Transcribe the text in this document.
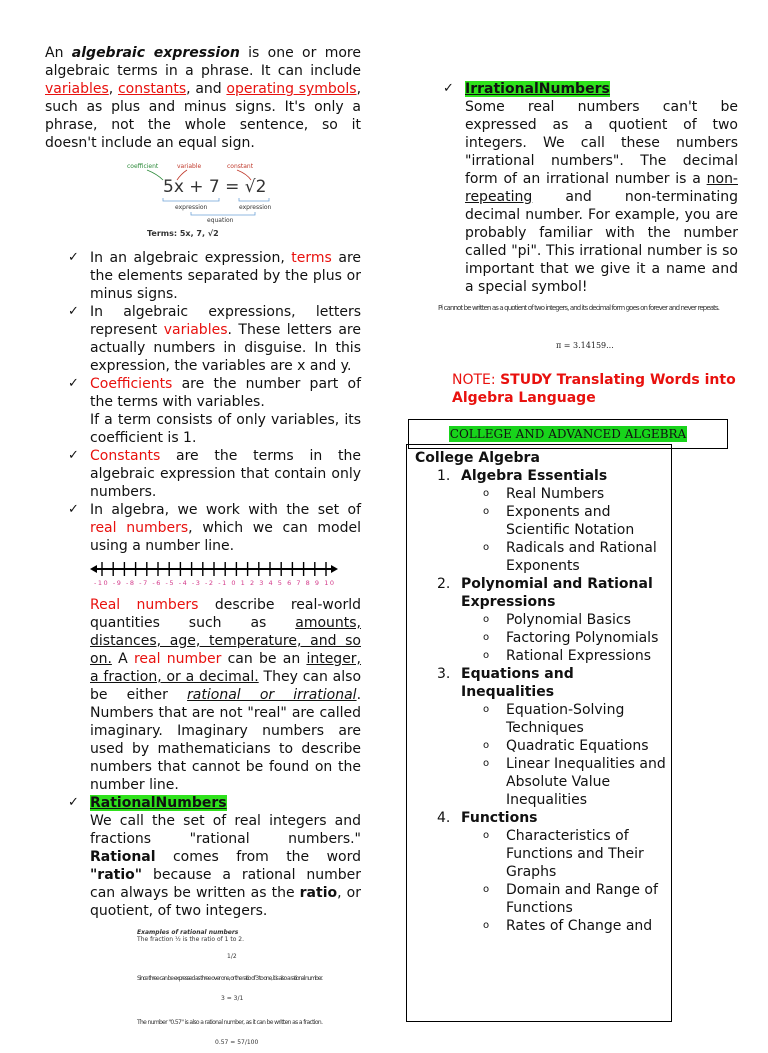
An algebraic expression is one or more algebraic terms in a phrase. It can include variables, constants, and operating symbols, such as plus and minus signs. It's only a phrase, not the whole sentence, so it doesn't include an equal sign.

coefficient	variable	constant
5x + 7 = √2
expression	expression
equation
Terms: 5x, 7, √2
✓ In an algebraic expression, terms are the elements separated by the plus or minus signs.
✓ In algebraic expressions, letters represent variables. These letters are actually numbers in disguise. In this expression, the variables are x and y.
✓ Coefficients are the number part of the terms with variables.
If a term consists of only variables, its coefficient is 1.
✓ Constants are the terms in the algebraic expression that contain only numbers.
✓ In algebra, we work with the set of real numbers, which we can model using a number line.
-10 -9 -8 -7 -6 -5 -4 -3 -2 -1 0 1 2 3 4 5 6 7 8 9 10

Real numbers describe real-world quantities such as amounts, distances, age, temperature, and so on. A real number can be an integer, a fraction, or a decimal. They can also be either rational or irrational. Numbers that are not "real" are called imaginary. Imaginary numbers are used by mathematicians to describe numbers that cannot be found on the number line.

✓ RationalNumbers
We call the set of real integers and fractions "rational numbers." Rational comes from the word "ratio" because a rational number can always be written as the ratio, or quotient, of two integers.
Examples of rational numbers
The fraction ½ is the ratio of 1 to 2.
1/2
Since three can be expressed as three over one, or the ratio of 3 to one, it is also a rational number.
3 = 3/1
The number "0.57" is also a rational number, as it can be written as a fraction.
0.57 = 57/100
✓ IrrationalNumbers
Some real numbers can't be expressed as a quotient of two integers. We call these numbers "irrational numbers". The decimal form of an irrational number is a non-repeating and non-terminating decimal number. For example, you are probably familiar with the number called "pi". This irrational number is so important that we give it a name and a special symbol!
Pi cannot be written as a quotient of two integers, and its decimal form goes on forever and never repeats.
π = 3.14159...

NOTE: STUDY Translating Words into Algebra Language

COLLEGE AND ADVANCED ALGEBRA
College Algebra
1. Algebra Essentials
o Real Numbers
o Exponents and Scientific Notation
o Radicals and Rational Exponents
2. Polynomial and Rational Expressions
o Polynomial Basics
o Factoring Polynomials
o Rational Expressions
3. Equations and Inequalities
o Equation-Solving Techniques
o Quadratic Equations
o Linear Inequalities and Absolute Value Inequalities
4. Functions
o Characteristics of Functions and Their Graphs
o Domain and Range of Functions
o Rates of Change and
